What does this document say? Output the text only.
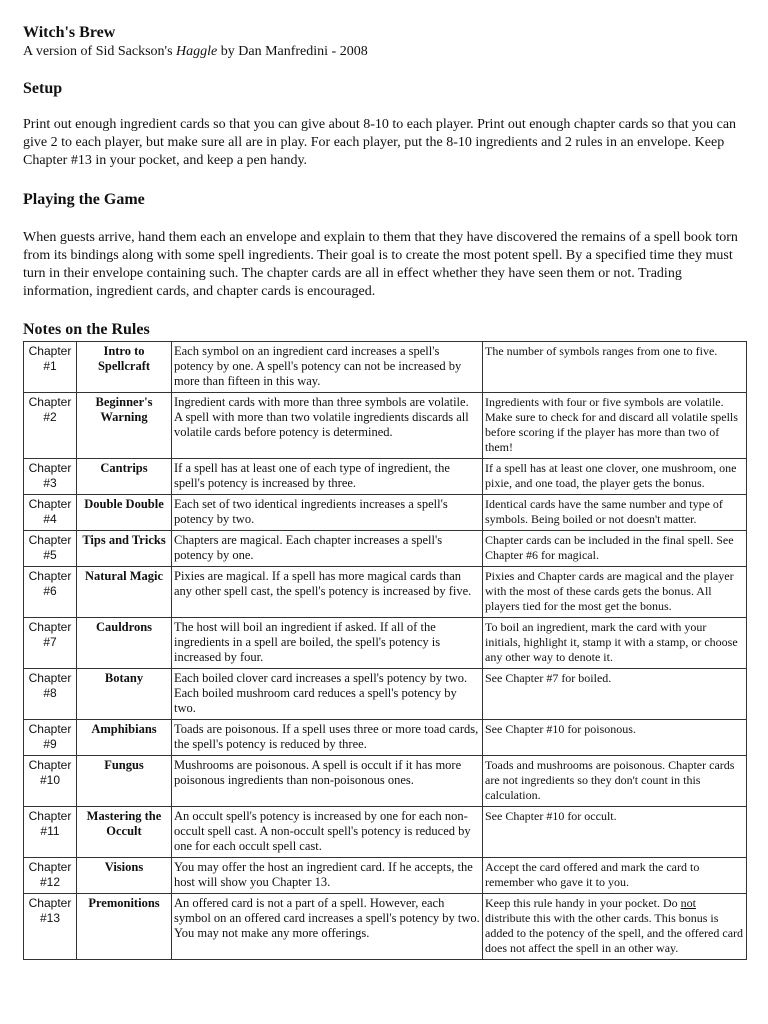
Witch's Brew
A version of Sid Sackson's Haggle by Dan Manfredini - 2008
Setup

Print out enough ingredient cards so that you can give about 8-10 to each player. Print out enough chapter cards so that you can give 2 to each player, but make sure all are in play. For each player, put the 8-10 ingredients and 2 rules in an envelope. Keep Chapter #13 in your pocket, and keep a pen handy.

Playing the Game

When guests arrive, hand them each an envelope and explain to them that they have discovered the remains of a spell book torn from its bindings along with some spell ingredients. Their goal is to create the most potent spell. By a specified time they must turn in their envelope containing such. The chapter cards are all in effect whether they have seen them or not. Trading information, ingredient cards, and chapter cards is encouraged.

Notes on the Rules
Chapter
#1	Intro to Spellcraft	Each symbol on an ingredient card increases a spell's potency by one. A spell's potency can not be increased by more than fifteen in this way.	The number of symbols ranges from one to five.
Chapter
#2	Beginner's Warning	Ingredient cards with more than three symbols are volatile. A spell with more than two volatile ingredients discards all volatile cards before potency is determined.	Ingredients with four or five symbols are volatile. Make sure to check for and discard all volatile spells before scoring if the player has more than two of them!
Chapter
#3	Cantrips	If a spell has at least one of each type of ingredient, the spell's potency is increased by three.	If a spell has at least one clover, one mushroom, one pixie, and one toad, the player gets the bonus.
Chapter
#4	Double Double	Each set of two identical ingredients increases a spell's potency by two.	Identical cards have the same number and type of symbols. Being boiled or not doesn't matter.
Chapter
#5	Tips and Tricks	Chapters are magical. Each chapter increases a spell's potency by one.	Chapter cards can be included in the final spell. See Chapter #6 for magical.
Chapter
#6	Natural Magic	Pixies are magical. If a spell has more magical cards than any other spell cast, the spell's potency is increased by five.	Pixies and Chapter cards are magical and the player with the most of these cards gets the bonus. All players tied for the most get the bonus.
Chapter
#7	Cauldrons	The host will boil an ingredient if asked. If all of the ingredients in a spell are boiled, the spell's potency is increased by four.	To boil an ingredient, mark the card with your initials, highlight it, stamp it with a stamp, or choose any other way to denote it.
Chapter
#8	Botany	Each boiled clover card increases a spell's potency by two. Each boiled mushroom card reduces a spell's potency by two.	See Chapter #7 for boiled.
Chapter
#9	Amphibians	Toads are poisonous. If a spell uses three or more toad cards, the spell's potency is reduced by three.	See Chapter #10 for poisonous.
Chapter
#10	Fungus	Mushrooms are poisonous. A spell is occult if it has more poisonous ingredients than non-poisonous ones.	Toads and mushrooms are poisonous. Chapter cards are not ingredients so they don't count in this calculation.
Chapter
#11	Mastering the Occult	An occult spell's potency is increased by one for each non-occult spell cast. A non-occult spell's potency is reduced by one for each occult spell cast.	See Chapter #10 for occult.
Chapter
#12	Visions	You may offer the host an ingredient card. If he accepts, the host will show you Chapter 13.	Accept the card offered and mark the card to remember who gave it to you.
Chapter
#13	Premonitions	An offered card is not a part of a spell. However, each symbol on an offered card increases a spell's potency by two. You may not make any more offerings.	Keep this rule handy in your pocket. Do not distribute this with the other cards. This bonus is added to the potency of the spell, and the offered card does not affect the spell in an other way.
